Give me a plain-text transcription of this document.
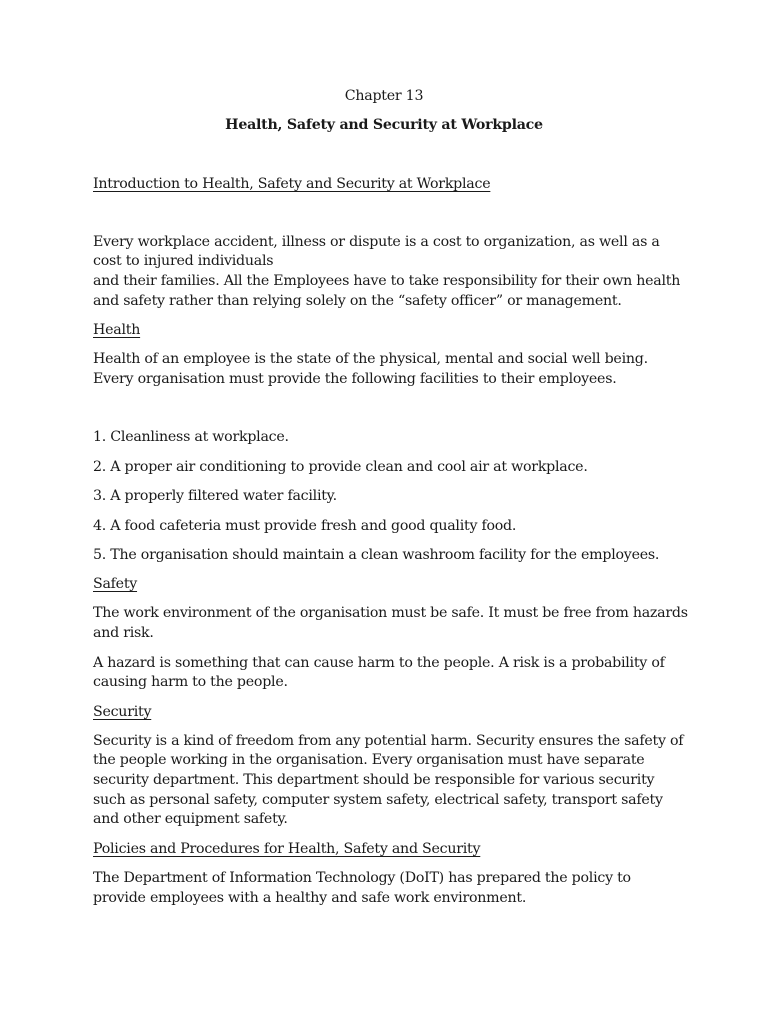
Chapter 13
Health, Safety and Security at Workplace
Introduction to Health, Safety and Security at Workplace
Every workplace accident, illness or dispute is a cost to organization, as well as a
cost to injured individuals
and their families. All the Employees have to take responsibility for their own health
and safety rather than relying solely on the “safety officer” or management.
Health
Health of an employee is the state of the physical, mental and social well being.
Every organisation must provide the following facilities to their employees.
1. Cleanliness at workplace.
2. A proper air conditioning to provide clean and cool air at workplace.
3. A properly filtered water facility.
4. A food cafeteria must provide fresh and good quality food.
5. The organisation should maintain a clean washroom facility for the employees.
Safety
The work environment of the organisation must be safe. It must be free from hazards
and risk.
A hazard is something that can cause harm to the people. A risk is a probability of
causing harm to the people.
Security
Security is a kind of freedom from any potential harm. Security ensures the safety of
the people working in the organisation. Every organisation must have separate
security department. This department should be responsible for various security
such as personal safety, computer system safety, electrical safety, transport safety
and other equipment safety.
Policies and Procedures for Health, Safety and Security
The Department of Information Technology (DoIT) has prepared the policy to
provide employees with a healthy and safe work environment.
